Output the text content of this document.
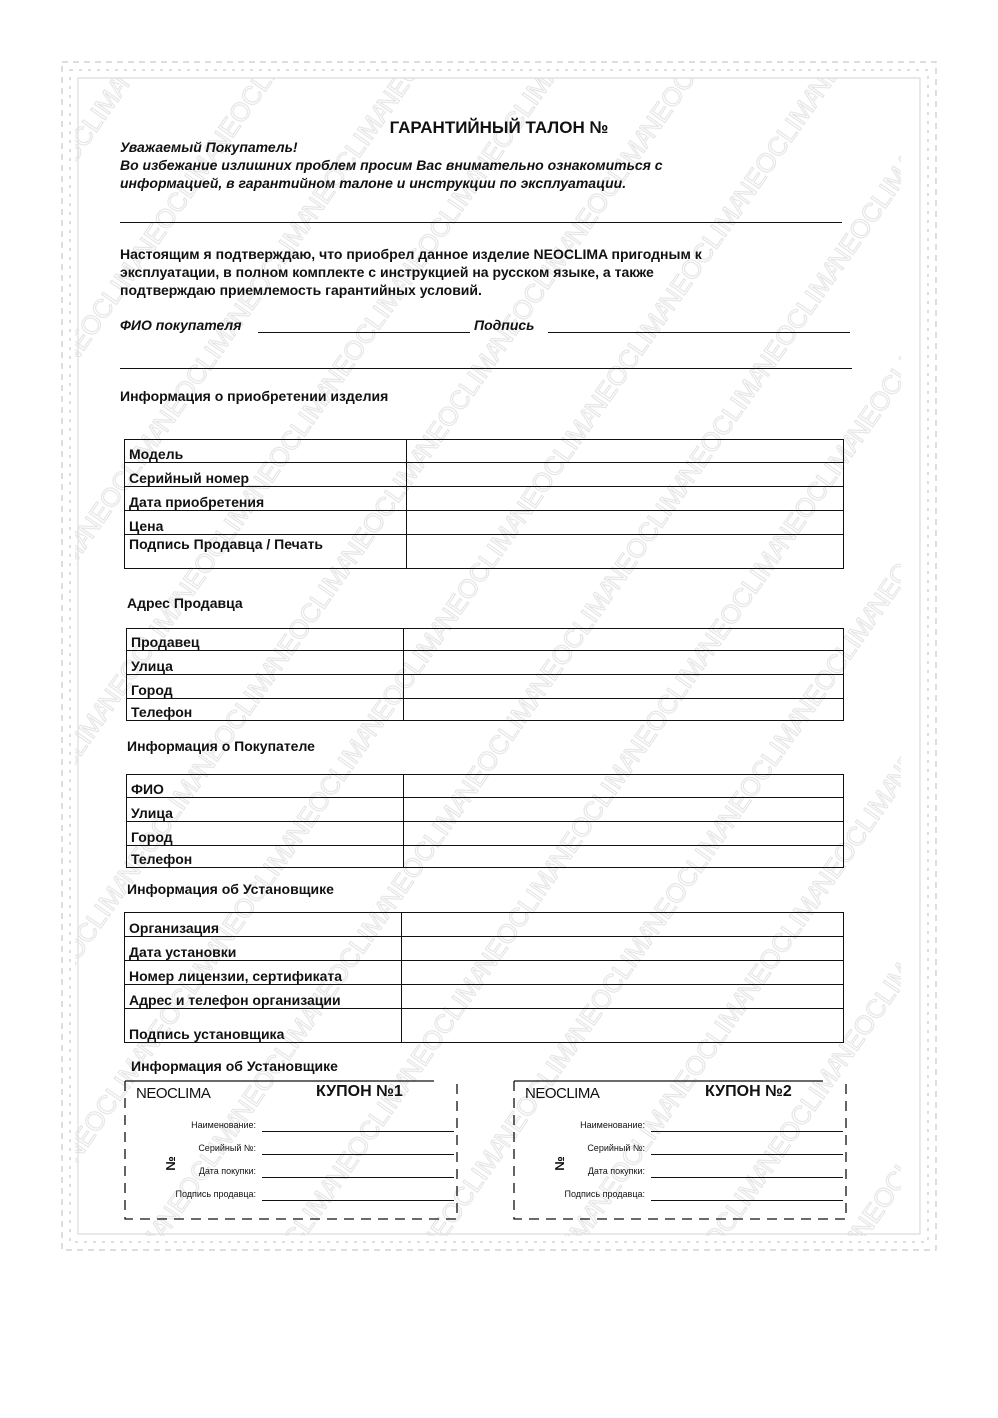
ГАРАНТИЙНЫЙ ТАЛОН №
Уважаемый Покупатель!
Во избежание излишних проблем просим Вас внимательно ознакомиться с
информацией, в гарантийном талоне и инструкции по эксплуатации.
Настоящим я подтверждаю, что приобрел данное изделие NEOCLIMA пригодным к
эксплуатации, в полном комплекте с инструкцией на русском языке, а также
подтверждаю приемлемость гарантийных условий.
ФИО покупателя	Подпись
Информация о приобретении изделия
Модель	
Серийный номер	
Дата приобретения	
Цена	
Подпись Продавца / Печать	
Адрес Продавца
Продавец	
Улица	
Город	
Телефон	
Информация о Покупателе
ФИО	
Улица	
Город	
Телефон	
Информация об Установщике
Организация	
Дата установки	
Номер лицензии, сертификата	
Адрес и телефон организации	
Подпись установщика	
Информация об Установщике
NEOCLIMA	КУПОН №1
№
Наименование:
Серийный №:
Дата покупки:
Подпись продавца:
NEOCLIMA	КУПОН №2
№
Наименование:
Серийный №:
Дата покупки:
Подпись продавца:
